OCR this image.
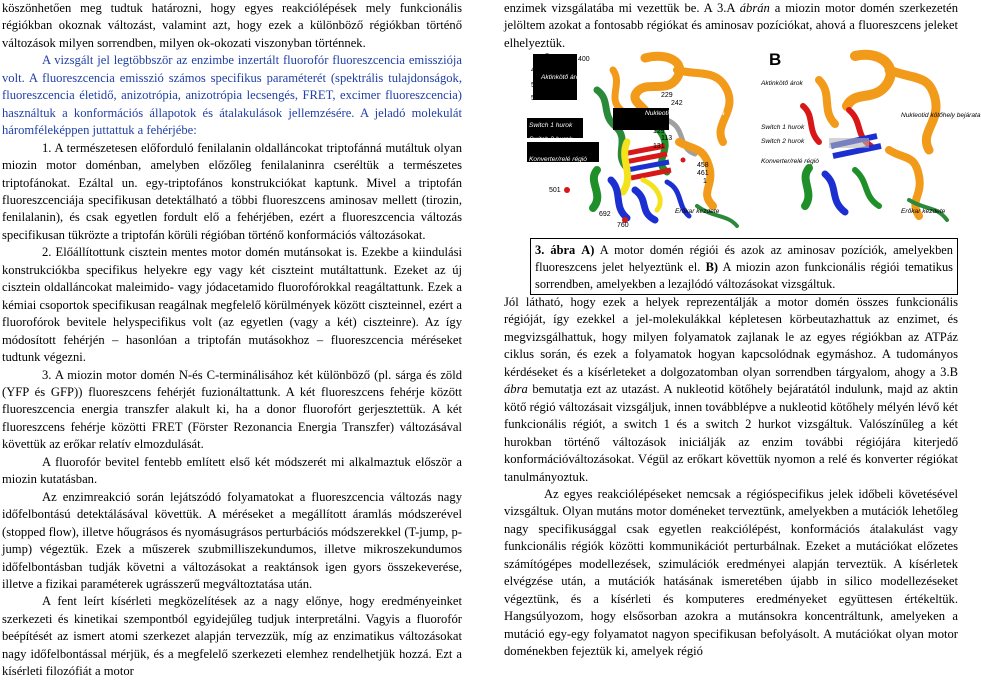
köszönhetően meg tudtuk határozni, hogy egyes reakciólépések mely funkcionális régiókban okoznak változást, valamint azt, hogy ezek a különböző régiókban történő változások milyen sorrendben, milyen ok-okozati viszonyban történnek.

A vizsgált jel legtöbbször az enzimbe inzertált fluorofór fluoreszcencia emissziója volt. A fluoreszcencia emisszió számos specifikus paraméterét (spektrális tulajdonságok, fluoreszcencia életidő, anizotrópia, anizotrópia lecsengés, FRET, excimer fluoreszcencia) használtuk a konformációs állapotok és átalakulások jellemzésére. A jeladó molekulát háromféleképpen juttattuk a fehérjébe:

1. A természetesen előforduló fenilalanin oldalláncokat triptofánná mutáltuk olyan miozin motor doménban, amelyben előzőleg fenilalaninra cseréltük a természetes triptofánokat. Ezáltal un. egy-triptofános konstrukciókat kaptunk. Mivel a triptofán fluoreszcenciája specifikusan detektálható a többi fluoreszcens aminosav mellett (tirozin, fenilalanin), és csak egyetlen fordult elő a fehérjében, ezért a fluoreszcencia változás specifikusan tükrözte a triptofán körüli régióban történő konformációs változásokat.

2. Előállítottunk cisztein mentes motor domén mutánsokat is. Ezekbe a kiindulási konstrukciókba specifikus helyekre egy vagy két ciszteint mutáltattunk. Ezeket az új cisztein oldalláncokat maleimido- vagy jódacetamido fluorofórokkal reagáltattunk. Ezek a kémiai csoportok specifikusan reagálnak megfelelő körülmények között ciszteinnel, ezért a fluorofórok bevitele helyspecifikus volt (az egyetlen (vagy a két) ciszteinre). Az így módosított fehérjén – hasonlóan a triptofán mutásokhoz – fluoreszcencia méréseket tudtunk végezni.

3. A miozin motor domén N-és C-terminálisához két különböző (pl. sárga és zöld (YFP és GFP)) fluoreszcens fehérjét fuzionáltattunk. A két fluoreszcens fehérje között fluoreszcencia energia transzfer alakult ki, ha a donor fluorofórt gerjesztettük. A két fluoreszcens fehérje közötti FRET (Förster Rezonancia Energia Transzfer) változásával követtük az erőkar relatív elmozdulását.

A fluorofór bevitel fentebb említett első két módszerét mi alkalmaztuk először a miozin kutatásban.

Az enzimreakció során lejátszódó folyamatokat a fluoreszcencia változás nagy időfelbontású detektálásával követtük. A méréseket a megállított áramlás módszerével (stopped flow), illetve hőugrásos és nyomásugrásos perturbációs módszerekkel (T-jump, p-jump) végeztük. Ezek a műszerek szubmilliszekundumos, illetve mikroszekundumos időfelbontásban tudják követni a változásokat a reaktánsok igen gyors összekeverése, illetve a fizikai paraméterek ugrásszerű megváltoztatása után.

A fent leírt kísérleti megközelítések az a nagy előnye, hogy eredményeinket szerkezeti és kinetikai szempontból egyidejűleg tudjuk interpretálni. Vagyis a fluorofór beépítését az ismert atomi szerkezet alapján tervezzük, míg az enzimatikus változásokat nagy időfelbontással mérjük, és a megfelelő szerkezeti elemhez rendelhetjük hozzá. Ezt a kísérleti filozófiát a motor

enzimek vizsgálatába mi vezettük be. A 3.A ábrán a miozin motor domén szerkezetén jelöltem azokat a fontosabb régiókat és aminosav pozíciókat, ahová a fluoreszcens jeleket elhelyeztük.

A 39 400
416
Aktinkötő árok
537
586	229
242
Nukleotid kötőhely bejárata
Switch 1 hurok
Switch 2 hurok
129
113
131
Konverter/relé régió
458
461
1
501
692
760
Erőkar kezdete
B
Aktinkötő árok
Nukleotid kötőhely bejárata
Switch 1 hurok
Switch 2 hurok
Konverter/relé régió
Erőkar kezdete
3. ábra A) A motor domén régiói és azok az aminosav pozíciók, amelyekben fluoreszcens jelet helyeztünk el. B) A miozin azon funkcionális régiói tematikus sorrendben, amelyekben a lezajlódó változásokat vizsgáltuk.

Jól látható, hogy ezek a helyek reprezentálják a motor domén összes funkcionális régióját, így ezekkel a jel-molekulákkal képletesen körbeutazhattuk az enzimet, és megvizsgálhattuk, hogy milyen folyamatok zajlanak le az egyes régiókban az ATPáz ciklus során, és ezek a folyamatok hogyan kapcsolódnak egymáshoz. A tudományos kérdéseket és a kísérleteket a dolgozatomban olyan sorrendben tárgyalom, ahogy a 3.B ábra bemutatja ezt az utazást. A nukleotid kötőhely bejáratától indulunk, majd az aktin kötő régió változásait vizsgáljuk, innen továbblépve a nukleotid kötőhely mélyén lévő két funkcionális régiót, a switch 1 és a switch 2 hurkot vizsgáltuk. Valószínűleg a két hurokban történő változások iniciálják az enzim további régiójára kiterjedő konformációváltozásokat. Végül az erőkart követtük nyomon a relé és konverter régiókat tanulmányoztuk.

Az egyes reakciólépéseket nemcsak a régióspecifikus jelek időbeli követésével vizsgáltuk. Olyan mutáns motor doméneket terveztünk, amelyekben a mutációk lehetőleg nagy specifikusággal csak egyetlen reakciólépést, konformációs átalakulást vagy funkcionális régiók közötti kommunikációt perturbálnak. Ezeket a mutációkat előzetes számítógépes modellezések, szimulációk eredményei alapján terveztük. A kísérletek elvégzése után, a mutációk hatásának ismeretében újabb in silico modellezéseket végeztünk, és a kísérleti és komputeres eredményeket együttesen értékeltük. Hangsúlyozom, hogy elsősorban azokra a mutánsokra koncentráltunk, amelyeken a mutáció egy-egy folyamatot nagyon specifikusan befolyásolt. A mutációkat olyan motor doménekben fejeztük ki, amelyek régió
